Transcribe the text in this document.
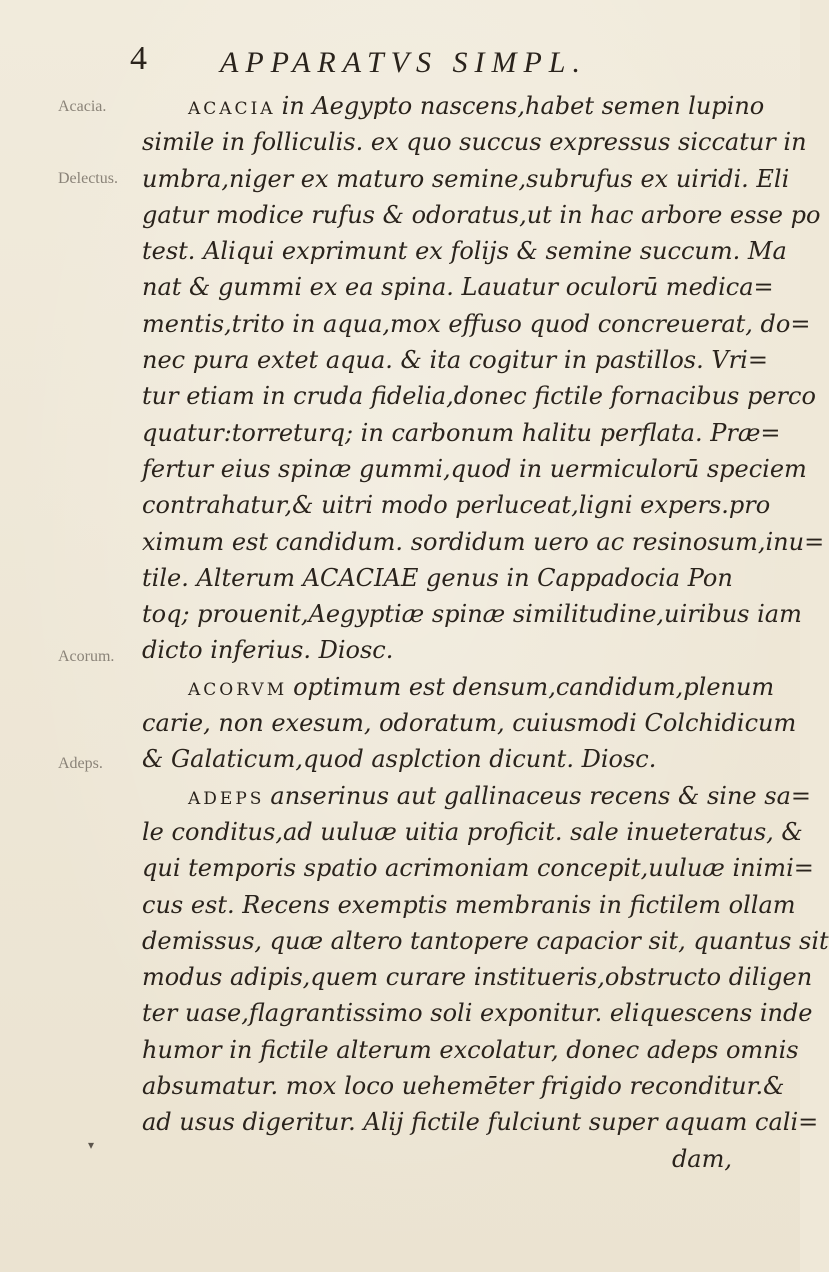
4 APPARATVS SIMPL.
Acacia.
Delectus.
Acorum.
Adeps.
ACACIA in Aegypto nascens,habet semen lupino
simile in folliculis. ex quo succus expressus siccatur in
umbra,niger ex maturo semine,subrufus ex uiridi. Eli
gatur modice rufus & odoratus,ut in hac arbore esse po
test. Aliqui exprimunt ex folijs & semine succum. Ma
nat & gummi ex ea spina. Lauatur oculorū medica=
mentis,trito in aqua,mox effuso quod concreuerat, do=
nec pura extet aqua. & ita cogitur in pastillos. Vri=
tur etiam in cruda fidelia,donec fictile fornacibus perco
quatur:torreturq; in carbonum halitu perflata. Præ=
fertur eius spinæ gummi,quod in uermiculorū speciem
contrahatur,& uitri modo perluceat,ligni expers.pro
ximum est candidum. sordidum uero ac resinosum,inu=
tile. Alterum ACACIAE genus in Cappadocia Pon
toq; prouenit,Aegyptiæ spinæ similitudine,uiribus iam
dicto inferius. Diosc.
ACORVM optimum est densum,candidum,plenum
carie, non exesum, odoratum, cuiusmodi Colchidicum
& Galaticum,quod asplction dicunt. Diosc.
ADEPS anserinus aut gallinaceus recens & sine sa=
le conditus,ad uuluæ uitia proficit. sale inueteratus, &
qui temporis spatio acrimoniam concepit,uuluæ inimi=
cus est. Recens exemptis membranis in fictilem ollam
demissus, quæ altero tantopere capacior sit, quantus sit
modus adipis,quem curare institueris,obstructo diligen
ter uase,flagrantissimo soli exponitur. eliquescens inde
humor in fictile alterum excolatur, donec adeps omnis
absumatur. mox loco uehemēter frigido reconditur.&
ad usus digeritur. Alij fictile fulciunt super aquam cali=
dam,
▾
